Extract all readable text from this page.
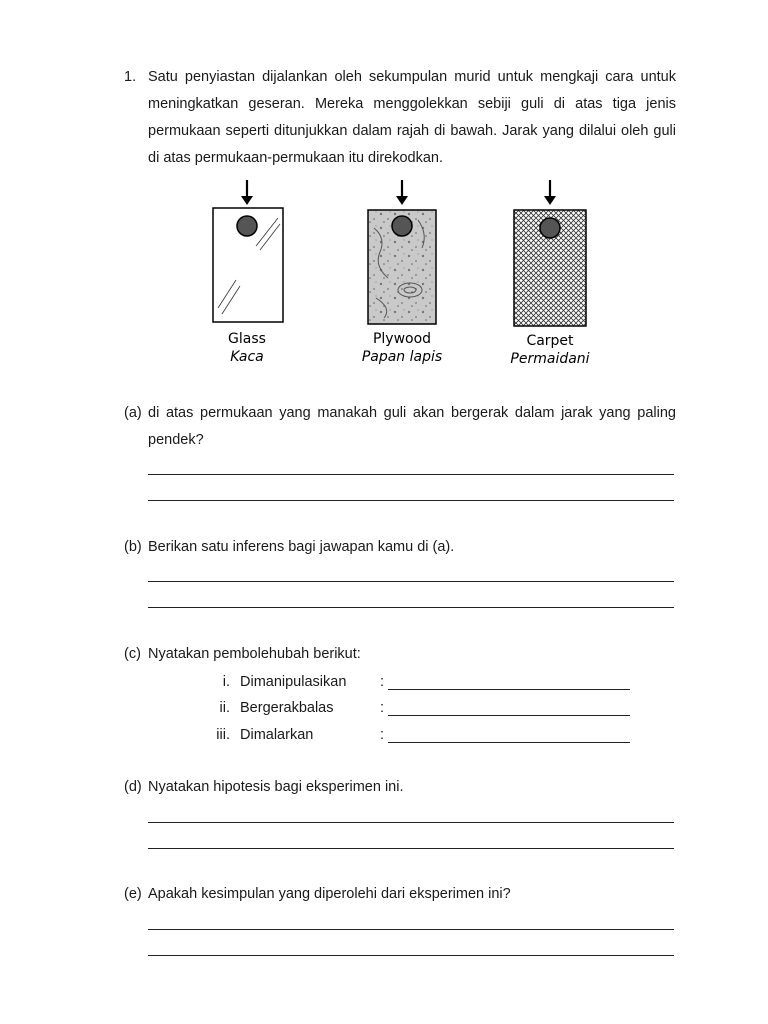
1. Satu penyiastan dijalankan oleh sekumpulan murid untuk mengkaji cara untuk meningkatkan geseran. Mereka menggolekkan sebiji guli di atas tiga jenis permukaan seperti ditunjukkan dalam rajah di bawah. Jarak yang dilalui oleh guli di atas permukaan-permukaan itu direkodkan.
Glass
Kaca
Plywood
Papan lapis
Carpet
Permaidani
(a) di atas permukaan yang manakah guli akan bergerak dalam jarak yang paling pendek?
(b) Berikan satu inferens bagi jawapan kamu di (a).
(c) Nyatakan pembolehubah berikut:
i. Dimanipulasikan :
ii. Bergerakbalas	:
iii. Dimalarkan	:
(d) Nyatakan hipotesis bagi eksperimen ini.
(e) Apakah kesimpulan yang diperolehi dari eksperimen ini?
